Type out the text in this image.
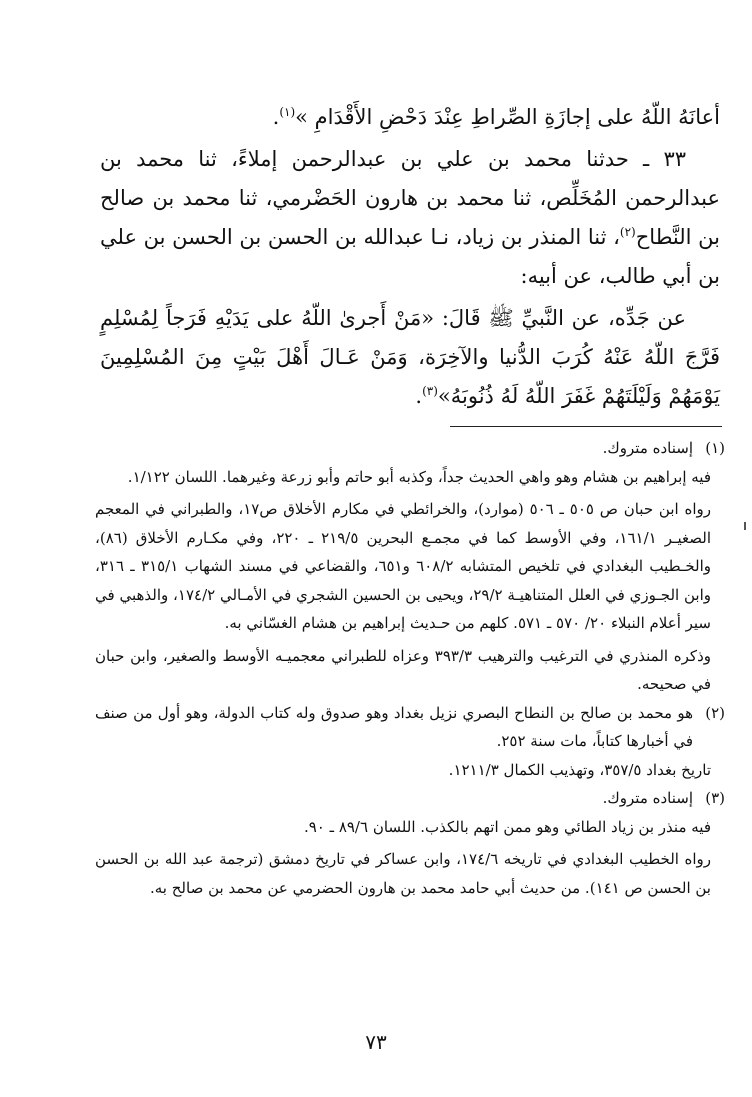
أعانَهُ اللّهُ على إجازَةِ الصِّراطِ عِنْدَ دَحْضِ الأَقْدَامِ »$^{(١)}$.

٣٣ ـ حدثنا محمد بن علي بن عبدالرحمن إملاءً، ثنا محمد بن عبدالرحمن المُخَلِّص، ثنا محمد بن هارون الحَضْرمي، ثنا محمد بن صالح بن النَّطاح$^{(٢)}$، ثنا المنذر بن زياد، نـا عبدالله بن الحسن بن الحسن بن علي بن أبي طالب، عن أبيه:

عن جَدِّه، عن النَّبيِّ ﷺ قَالَ: «مَنْ أَجرىٰ اللّهُ على يَدَيْهِ فَرَجاً لِمُسْلِمٍ فَرَّجَ اللّهُ عَنْهُ كُرَبَ الدُّنيا والآخِرَة، وَمَنْ عَـالَ أَهْلَ بَيْتٍ مِنَ المُسْلِمِينَ يَوْمَهُمْ وَلَيْلَتَهُمْ غَفَرَ اللّهُ لَهُ ذُنُوبَهُ»$^{(٣)}$.

(١)
إسناده متروك.

فيه إبراهيم بن هشام وهو واهي الحديث جداً، وكذبه أبو حاتم وأبو زرعة وغيرهما. اللسان ١/١٢٢.

رواه ابن حبان ص ٥٠٥ ـ ٥٠٦ (موارد)، والخرائطي في مكارم الأخلاق ص١٧، والطبراني في المعجم الصغيـر ١٦١/١، وفي الأوسط كما في مجمـع البحرين ٢١٩/٥ ـ ٢٢٠، وفي مكـارم الأخلاق (٨٦)، والخـطيب البغدادي في تلخيص المتشابه ٦٠٨/٢ و٦٥١، والقضاعي في مسند الشهاب ٣١٥/١ ـ ٣١٦، وابن الجـوزي في العلل المتناهيـة ٢٩/٢، ويحيى بن الحسين الشجري في الأمـالي ١٧٤/٢، والذهبي في سير أعلام النبلاء ٢٠/ ٥٧٠ ـ ٥٧١. كلهم من حـديث إبراهيم بن هشام الغسّاني به.

وذكره المنذري في الترغيب والترهيب ٣٩٣/٣ وعزاه للطبراني معجميـه الأوسط والصغير، وابن حبان في صحيحه.

(٢)
هو محمد بن صالح بن النطاح البصري نزيل بغداد وهو صدوق وله كتاب الدولة، وهو أول من صنف في أخبارها كتاباً، مات سنة ٢٥٢.

تاريخ بغداد ٣٥٧/٥، وتهذيب الكمال ١٢١١/٣.

(٣)
إسناده متروك.

فيه منذر بن زياد الطائي وهو ممن اتهم بالكذب. اللسان ٨٩/٦ ـ ٩٠.

رواه الخطيب البغدادي في تاريخه ١٧٤/٦، وابن عساكر في تاريخ دمشق (ترجمة عبد الله بن الحسن بن الحسن ص ١٤١). من حديث أبي حامد محمد بن هارون الحضرمي عن محمد بن صالح به.

٧٣
